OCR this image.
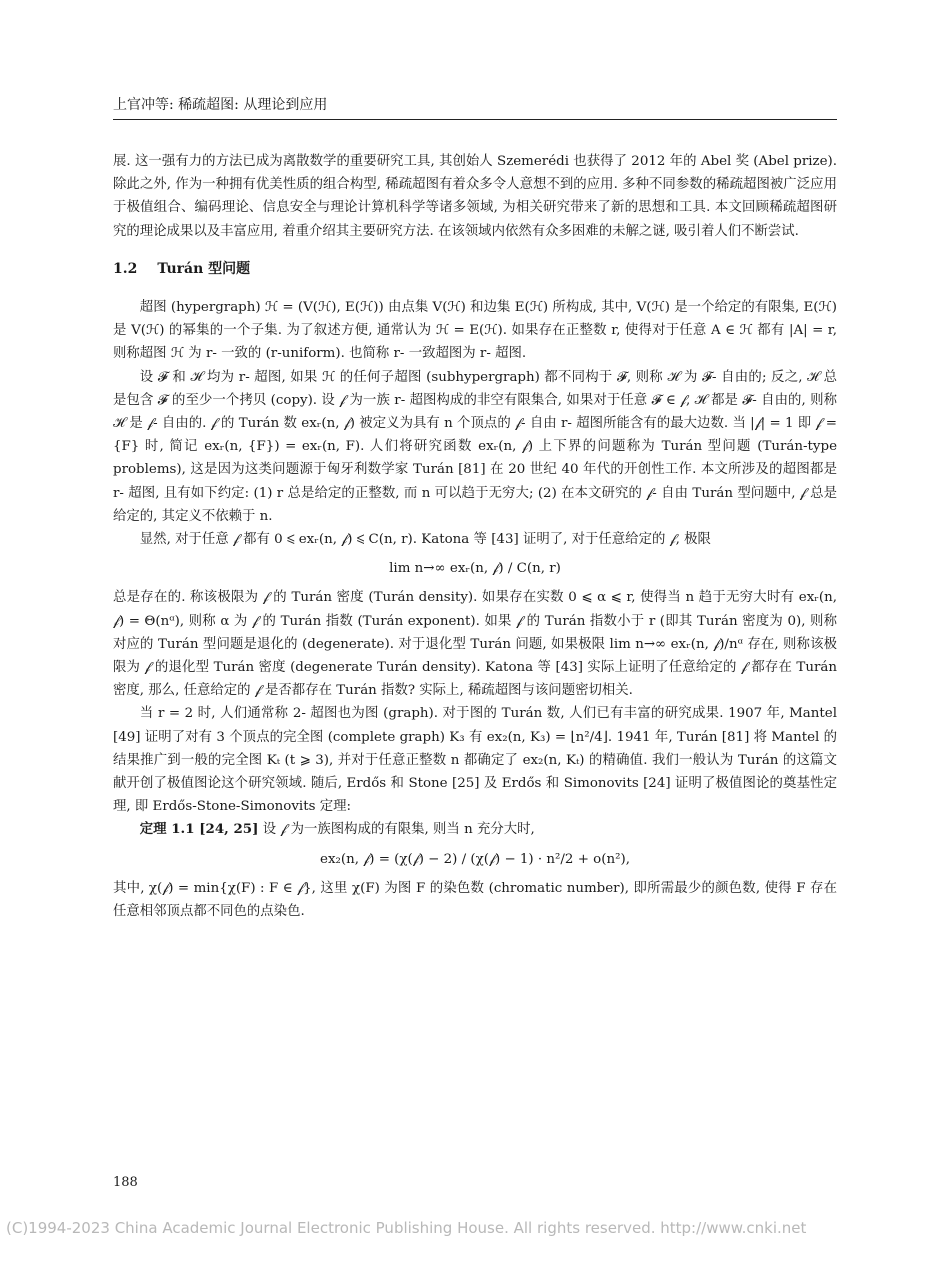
上官冲等: 稀疏超图: 从理论到应用

展. 这一强有力的方法已成为离散数学的重要研究工具, 其创始人 Szemerédi 也获得了 2012 年的 Abel 奖 (Abel prize). 除此之外, 作为一种拥有优美性质的组合构型, 稀疏超图有着众多令人意想不到的应用. 多种不同参数的稀疏超图被广泛应用于极值组合、编码理论、信息安全与理论计算机科学等诸多领域, 为相关研究带来了新的思想和工具. 本文回顾稀疏超图研究的理论成果以及丰富应用, 着重介绍其主要研究方法. 在该领域内依然有众多困难的未解之谜, 吸引着人们不断尝试.

1.2 Turán 型问题

超图 (hypergraph) ℋ = (V(ℋ), E(ℋ)) 由点集 V(ℋ) 和边集 E(ℋ) 所构成, 其中, V(ℋ) 是一个给定的有限集, E(ℋ) 是 V(ℋ) 的幂集的一个子集. 为了叙述方便, 通常认为 ℋ = E(ℋ). 如果存在正整数 r, 使得对于任意 A ∈ ℋ 都有 |A| = r, 则称超图 ℋ 为 r- 一致的 (r-uniform). 也简称 r- 一致超图为 r- 超图.

设 𝓕 和 ℋ 均为 r- 超图, 如果 ℋ 的任何子超图 (subhypergraph) 都不同构于 𝓕, 则称 ℋ 为 𝓕- 自由的; 反之, ℋ 总是包含 𝓕 的至少一个拷贝 (copy). 设 𝒻 为一族 r- 超图构成的非空有限集合, 如果对于任意 𝓕 ∈ 𝒻, ℋ 都是 𝓕- 自由的, 则称 ℋ 是 𝒻- 自由的. 𝒻 的 Turán 数 exᵣ(n, 𝒻) 被定义为具有 n 个顶点的 𝒻- 自由 r- 超图所能含有的最大边数. 当 |𝒻| = 1 即 𝒻 = {F} 时, 简记 exᵣ(n, {F}) = exᵣ(n, F). 人们将研究函数 exᵣ(n, 𝒻) 上下界的问题称为 Turán 型问题 (Turán-type problems), 这是因为这类问题源于匈牙利数学家 Turán [81] 在 20 世纪 40 年代的开创性工作. 本文所涉及的超图都是 r- 超图, 且有如下约定: (1) r 总是给定的正整数, 而 n 可以趋于无穷大; (2) 在本文研究的 𝒻- 自由 Turán 型问题中, 𝒻 总是给定的, 其定义不依赖于 n.

显然, 对于任意 𝒻 都有 0 ⩽ exᵣ(n, 𝒻) ⩽ C(n, r). Katona 等 [43] 证明了, 对于任意给定的 𝒻, 极限

lim n→∞ exᵣ(n, 𝒻) / C(n, r)

总是存在的. 称该极限为 𝒻 的 Turán 密度 (Turán density). 如果存在实数 0 ⩽ α ⩽ r, 使得当 n 趋于无穷大时有 exᵣ(n, 𝒻) = Θ(nᵅ), 则称 α 为 𝒻 的 Turán 指数 (Turán exponent). 如果 𝒻 的 Turán 指数小于 r (即其 Turán 密度为 0), 则称对应的 Turán 型问题是退化的 (degenerate). 对于退化型 Turán 问题, 如果极限 lim n→∞ exᵣ(n, 𝒻)/nᵅ 存在, 则称该极限为 𝒻 的退化型 Turán 密度 (degenerate Turán density). Katona 等 [43] 实际上证明了任意给定的 𝒻 都存在 Turán 密度, 那么, 任意给定的 𝒻 是否都存在 Turán 指数? 实际上, 稀疏超图与该问题密切相关.

当 r = 2 时, 人们通常称 2- 超图也为图 (graph). 对于图的 Turán 数, 人们已有丰富的研究成果. 1907 年, Mantel [49] 证明了对有 3 个顶点的完全图 (complete graph) K₃ 有 ex₂(n, K₃) = ⌊n²/4⌋. 1941 年, Turán [81] 将 Mantel 的结果推广到一般的完全图 Kₜ (t ⩾ 3), 并对于任意正整数 n 都确定了 ex₂(n, Kₜ) 的精确值. 我们一般认为 Turán 的这篇文献开创了极值图论这个研究领域. 随后, Erdős 和 Stone [25] 及 Erdős 和 Simonovits [24] 证明了极值图论的奠基性定理, 即 Erdős-Stone-Simonovits 定理:

定理 1.1 [24, 25] 设 𝒻 为一族图构成的有限集, 则当 n 充分大时,

ex₂(n, 𝒻) = (χ(𝒻) − 2) / (χ(𝒻) − 1) · n²/2 + o(n²),

其中, χ(𝒻) = min{χ(F) : F ∈ 𝒻}, 这里 χ(F) 为图 F 的染色数 (chromatic number), 即所需最少的颜色数, 使得 F 存在任意相邻顶点都不同色的点染色.

188
(C)1994-2023 China Academic Journal Electronic Publishing House. All rights reserved. http://www.cnki.net
